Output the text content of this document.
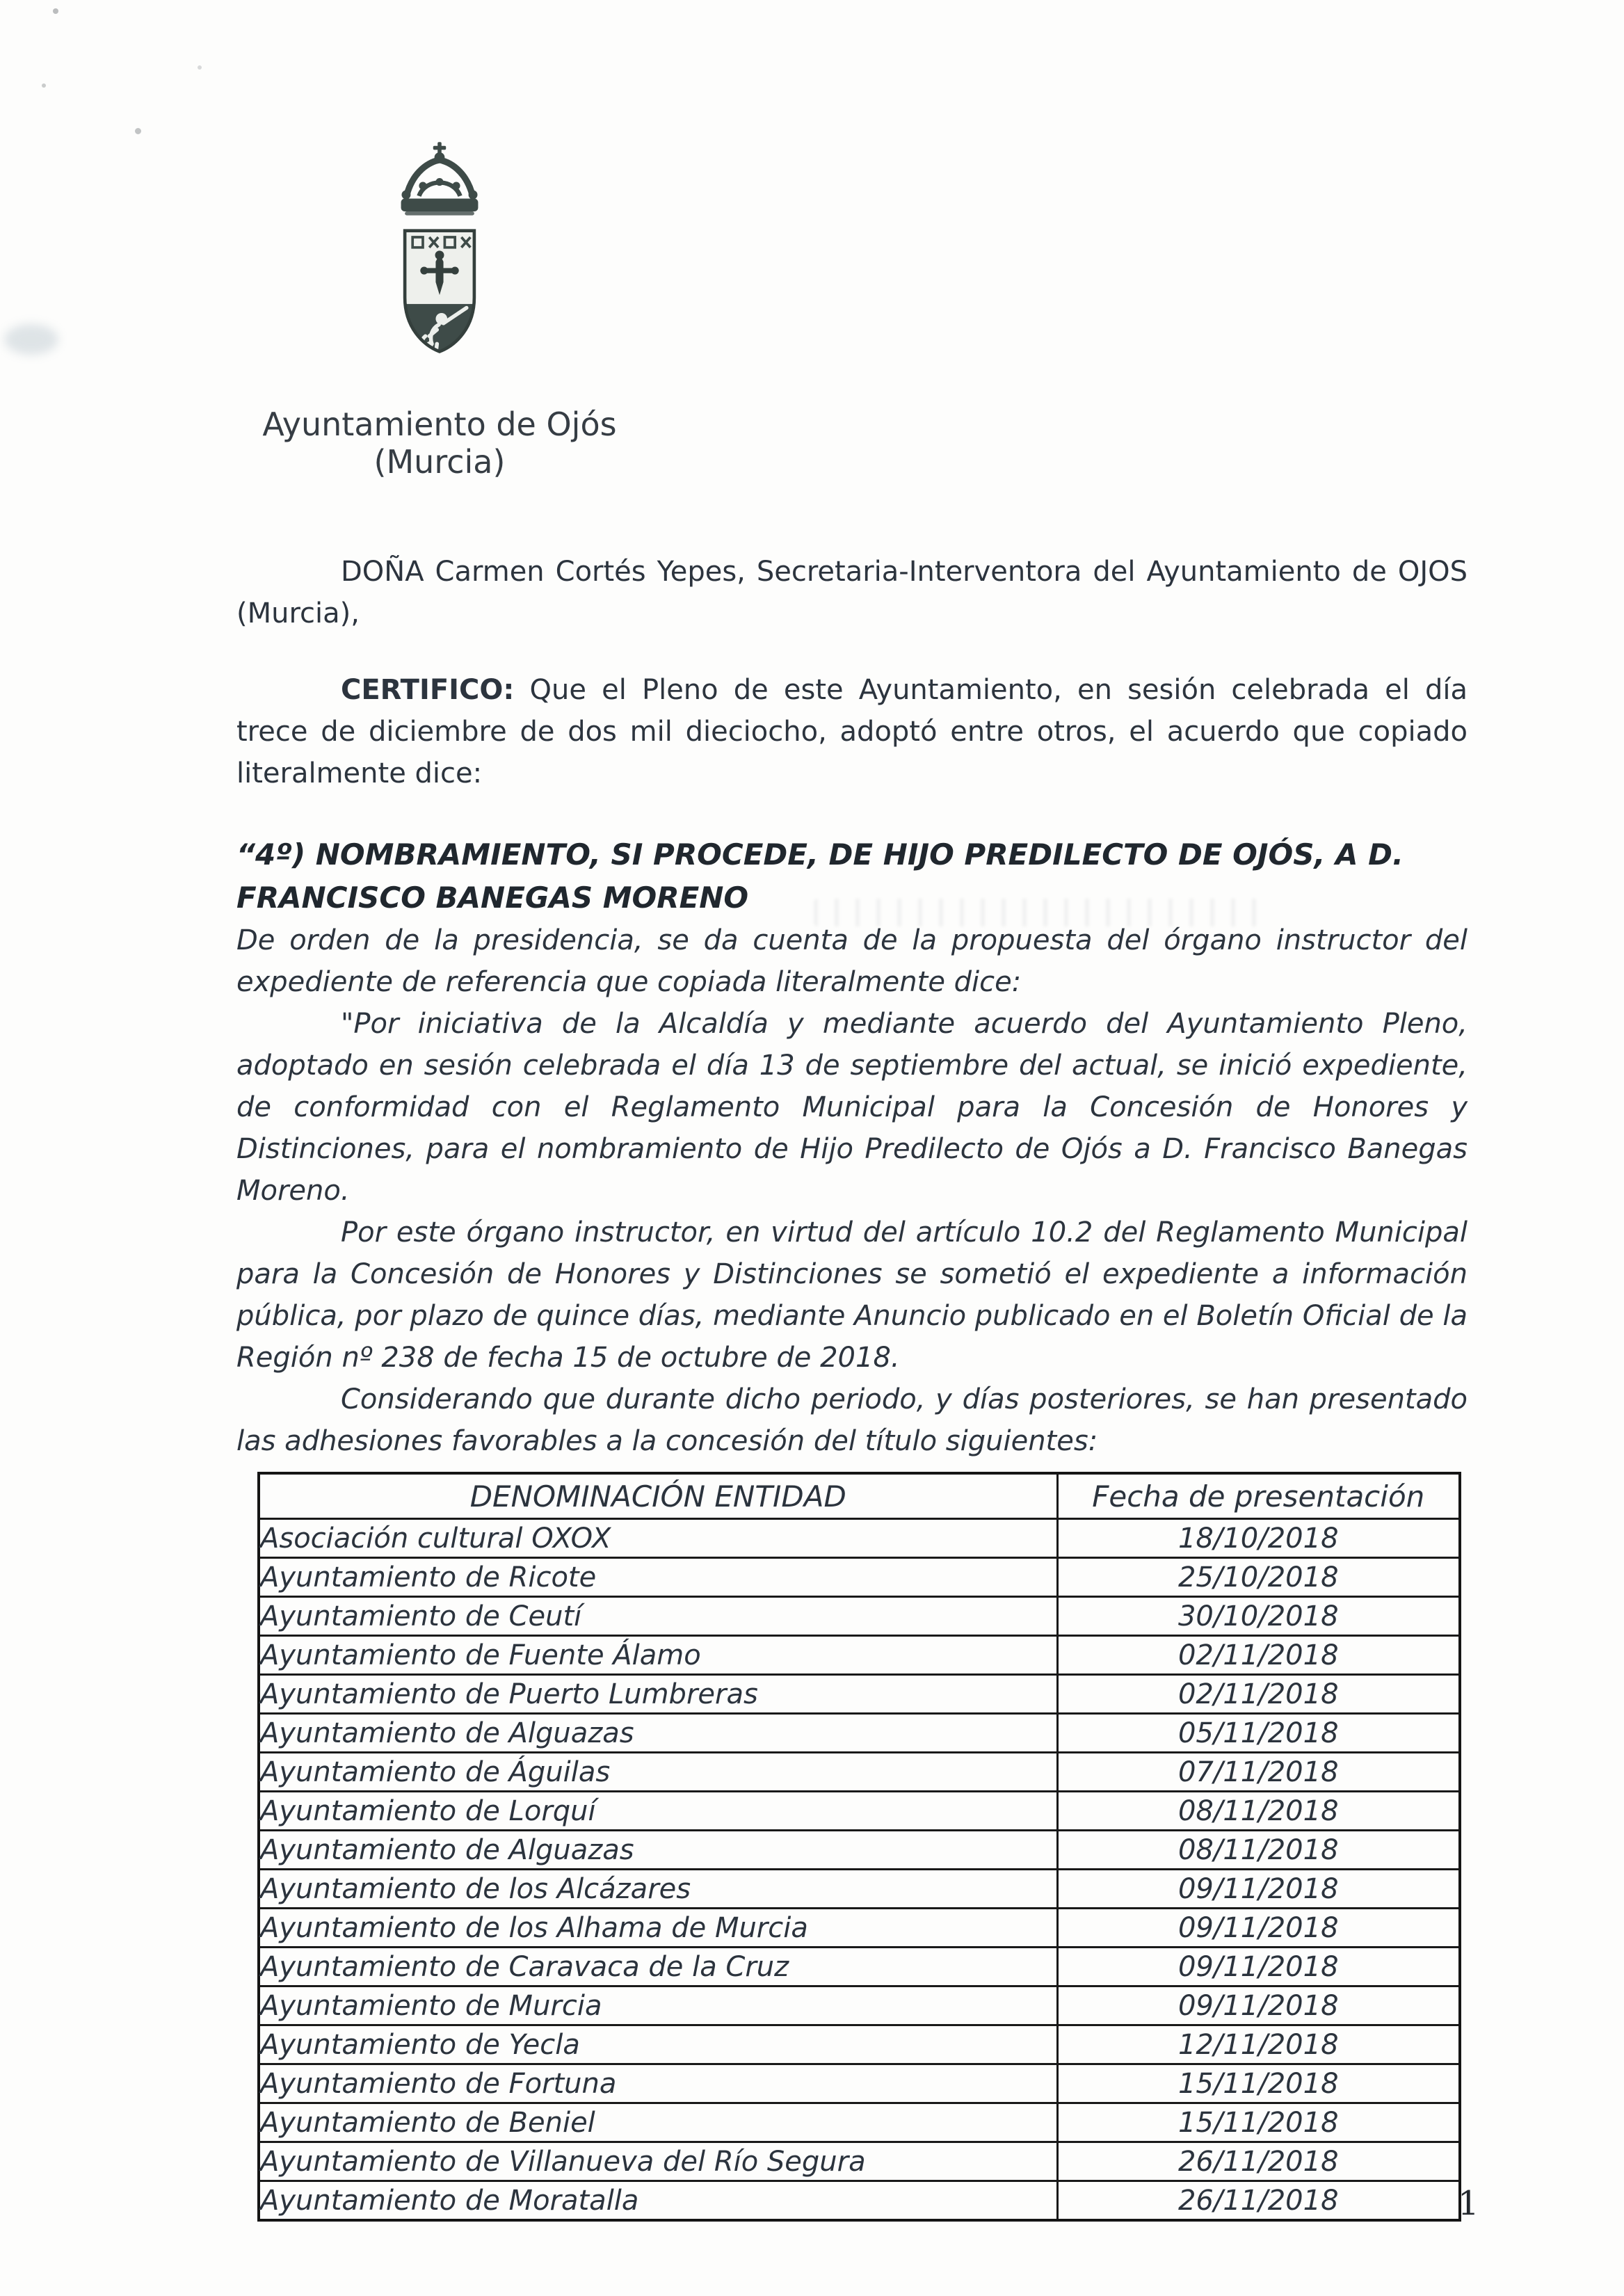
Ayuntamiento de Ojós
(Murcia)

DOÑA Carmen Cortés Yepes, Secretaria-Interventora del Ayuntamiento de OJOS (Murcia),

CERTIFICO: Que el Pleno de este Ayuntamiento, en sesión celebrada el día trece de diciembre de dos mil dieciocho, adoptó entre otros, el acuerdo que copiado literalmente dice:

“4º) NOMBRAMIENTO, SI PROCEDE, DE HIJO PREDILECTO DE OJÓS, A D.
FRANCISCO BANEGAS MORENO

De orden de la presidencia, se da cuenta de la propuesta del órgano instructor del expediente de referencia que copiada literalmente dice:

"Por iniciativa de la Alcaldía y mediante acuerdo del Ayuntamiento Pleno, adoptado en sesión celebrada el día 13 de septiembre del actual, se inició expediente, de conformidad con el Reglamento Municipal para la Concesión de Honores y Distinciones, para el nombramiento de Hijo Predilecto de Ojós a D. Francisco Banegas Moreno.

Por este órgano instructor, en virtud del artículo 10.2 del Reglamento Municipal para la Concesión de Honores y Distinciones se sometió el expediente a información pública, por plazo de quince días, mediante Anuncio publicado en el Boletín Oficial de la Región nº 238 de fecha 15 de octubre de 2018.

Considerando que durante dicho periodo, y días posteriores, se han presentado las adhesiones favorables a la concesión del título siguientes:

DENOMINACIÓN ENTIDAD	Fecha de presentación
Asociación cultural OXOX	18/10/2018
Ayuntamiento de Ricote	25/10/2018
Ayuntamiento de Ceutí	30/10/2018
Ayuntamiento de Fuente Álamo	02/11/2018
Ayuntamiento de Puerto Lumbreras	02/11/2018
Ayuntamiento de Alguazas	05/11/2018
Ayuntamiento de Águilas	07/11/2018
Ayuntamiento de Lorquí	08/11/2018
Ayuntamiento de Alguazas	08/11/2018
Ayuntamiento de los Alcázares	09/11/2018
Ayuntamiento de los Alhama de Murcia	09/11/2018
Ayuntamiento de Caravaca de la Cruz	09/11/2018
Ayuntamiento de Murcia	09/11/2018
Ayuntamiento de Yecla	12/11/2018
Ayuntamiento de Fortuna	15/11/2018
Ayuntamiento de Beniel	15/11/2018
Ayuntamiento de Villanueva del Río Segura	26/11/2018
Ayuntamiento de Moratalla	26/11/2018	1
